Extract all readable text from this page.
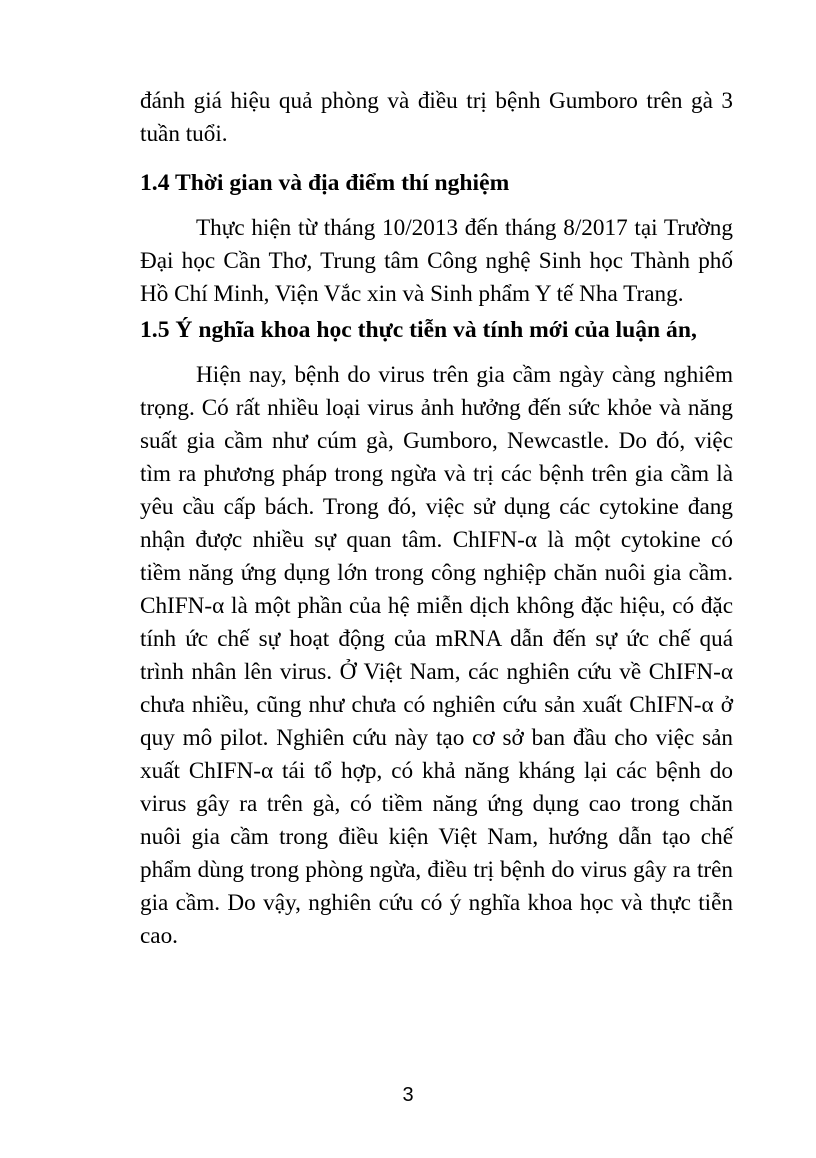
đánh giá hiệu quả phòng và điều trị bệnh Gumboro trên gà 3 tuần tuổi.

1.4 Thời gian và địa điểm thí nghiệm

Thực hiện từ tháng 10/2013 đến tháng 8/2017 tại Trường Đại học Cần Thơ, Trung tâm Công nghệ Sinh học Thành phố Hồ Chí Minh, Viện Vắc xin và Sinh phẩm Y tế Nha Trang.

1.5 Ý nghĩa khoa học thực tiễn và tính mới của luận án,

Hiện nay, bệnh do virus trên gia cầm ngày càng nghiêm trọng. Có rất nhiều loại virus ảnh hưởng đến sức khỏe và năng suất gia cầm như cúm gà, Gumboro, Newcastle. Do đó, việc tìm ra phương pháp trong ngừa và trị các bệnh trên gia cầm là yêu cầu cấp bách. Trong đó, việc sử dụng các cytokine đang nhận được nhiều sự quan tâm. ChIFN-α là một cytokine có tiềm năng ứng dụng lớn trong công nghiệp chăn nuôi gia cầm. ChIFN-α là một phần của hệ miễn dịch không đặc hiệu, có đặc tính ức chế sự hoạt động của mRNA dẫn đến sự ức chế quá trình nhân lên virus. Ở Việt Nam, các nghiên cứu về ChIFN-α chưa nhiều, cũng như chưa có nghiên cứu sản xuất ChIFN-α ở quy mô pilot. Nghiên cứu này tạo cơ sở ban đầu cho việc sản xuất ChIFN-α tái tổ hợp, có khả năng kháng lại các bệnh do virus gây ra trên gà, có tiềm năng ứng dụng cao trong chăn nuôi gia cầm trong điều kiện Việt Nam, hướng dẫn tạo chế phẩm dùng trong phòng ngừa, điều trị bệnh do virus gây ra trên gia cầm. Do vậy, nghiên cứu có ý nghĩa khoa học và thực tiễn cao.

3
